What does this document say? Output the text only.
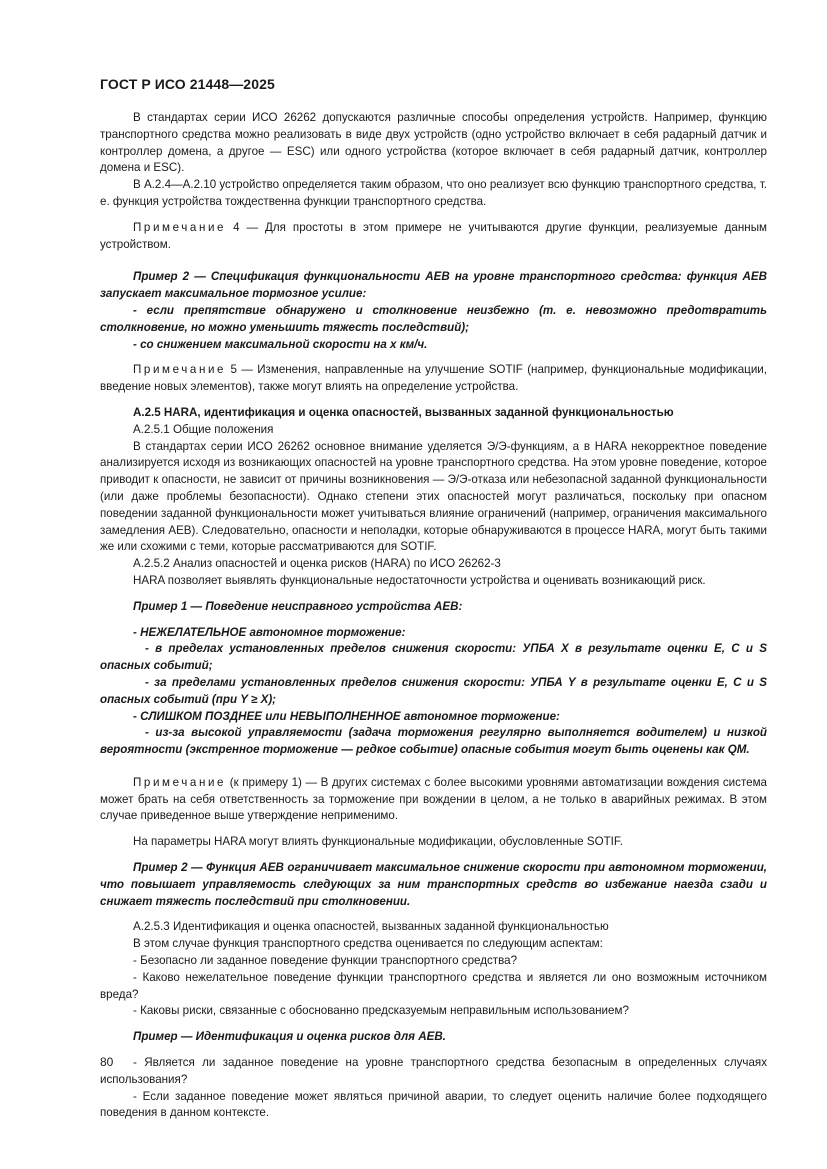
ГОСТ Р ИСО 21448—2025

В стандартах серии ИСО 26262 допускаются различные способы определения устройств. Например, функцию транспортного средства можно реализовать в виде двух устройств (одно устройство включает в себя радарный датчик и контроллер домена, а другое — ESC) или одного устройства (которое включает в себя радарный датчик, контроллер домена и ESC).

В А.2.4—А.2.10 устройство определяется таким образом, что оно реализует всю функцию транспортного средства, т. е. функция устройства тождественна функции транспортного средства.

Примечание 4 — Для простоты в этом примере не учитываются другие функции, реализуемые данным устройством.

Пример 2 — Спецификация функциональности AEB на уровне транспортного средства: функция AEB запускает максимальное тормозное усилие:

- если препятствие обнаружено и столкновение неизбежно (т. е. невозможно предотвратить столкновение, но можно уменьшить тяжесть последствий);

- со снижением максимальной скорости на х км/ч.

Примечание 5 — Изменения, направленные на улучшение SOTIF (например, функциональные модификации, введение новых элементов), также могут влиять на определение устройства.

А.2.5 HARA, идентификация и оценка опасностей, вызванных заданной функциональностью

А.2.5.1 Общие положения

В стандартах серии ИСО 26262 основное внимание уделяется Э/Э-функциям, а в HARA некорректное поведение анализируется исходя из возникающих опасностей на уровне транспортного средства. На этом уровне поведение, которое приводит к опасности, не зависит от причины возникновения — Э/Э-отказа или небезопасной заданной функциональности (или даже проблемы безопасности). Однако степени этих опасностей могут различаться, поскольку при опасном поведении заданной функциональности может учитываться влияние ограничений (например, ограничения максимального замедления AEB). Следовательно, опасности и неполадки, которые обнаруживаются в процессе HARA, могут быть такими же или схожими с теми, которые рассматриваются для SOTIF.

А.2.5.2 Анализ опасностей и оценка рисков (HARA) по ИСО 26262-3

HARA позволяет выявлять функциональные недостаточности устройства и оценивать возникающий риск.

Пример 1 — Поведение неисправного устройства AEB:

- НЕЖЕЛАТЕЛЬНОЕ автономное торможение:

- в пределах установленных пределов снижения скорости: УПБА X в результате оценки E, C и S опасных событий;

- за пределами установленных пределов снижения скорости: УПБА Y в результате оценки E, C и S опасных событий (при Y ≥ X);

- СЛИШКОМ ПОЗДНЕЕ или НЕВЫПОЛНЕННОЕ автономное торможение:

- из-за высокой управляемости (задача торможения регулярно выполняется водителем) и низкой вероятности (экстренное торможение — редкое событие) опасные события могут быть оценены как QM.

Примечание (к примеру 1) — В других системах с более высокими уровнями автоматизации вождения система может брать на себя ответственность за торможение при вождении в целом, а не только в аварийных режимах. В этом случае приведенное выше утверждение неприменимо.

На параметры HARA могут влиять функциональные модификации, обусловленные SOTIF.

Пример 2 — Функция AEB ограничивает максимальное снижение скорости при автономном торможении, что повышает управляемость следующих за ним транспортных средств во избежание наезда сзади и снижает тяжесть последствий при столкновении.

А.2.5.3 Идентификация и оценка опасностей, вызванных заданной функциональностью

В этом случае функция транспортного средства оценивается по следующим аспектам:

- Безопасно ли заданное поведение функции транспортного средства?

- Каково нежелательное поведение функции транспортного средства и является ли оно возможным источником вреда?

- Каковы риски, связанные с обоснованно предсказуемым неправильным использованием?

Пример — Идентификация и оценка рисков для AEB.

- Является ли заданное поведение на уровне транспортного средства безопасным в определенных случаях использования?

- Если заданное поведение может являться причиной аварии, то следует оценить наличие более подходящего поведения в данном контексте.

80
